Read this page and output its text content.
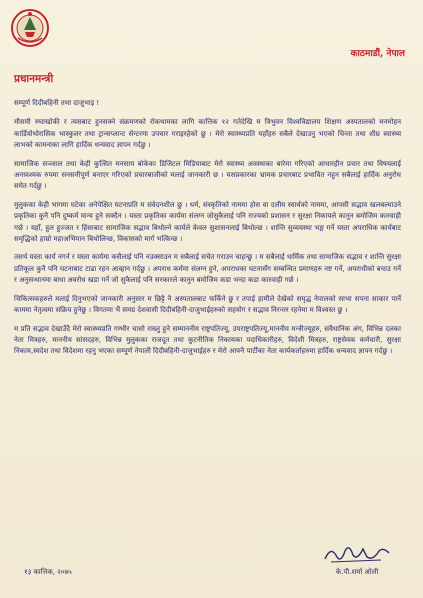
काठमाडौं, नेपाल
प्रधानमन्त्री

सम्पूर्ण दिदीबहिनी तथा दाजुभाइ !

मौसमी रुघाखोकी र त्यसबाट हुनसक्ने संक्रमणको रोकथामका लागि कात्तिक १२ गतेदेखि म त्रिभुवन विश्वविद्यालय शिक्षण अस्पतालको मनमोहन कार्डियोथोरासिक भास्कुलर तथा ट्रान्सप्लान्ट सेन्टरमा उपचार गराइरहेको छु । मेरो स्वास्थ्यप्रति यहाँहरु सबैले देखाउनु भएको चिन्ता तथा शीघ्र स्वास्थ्य लाभको कामनाका लागि हार्दिक धन्यवाद ज्ञापन गर्दछु ।

सामाजिक सञ्जाल तथा केही कुत्सित मनसाय बोकेका डिजिटल मिडियाबाट मेरो स्वास्थ्य अवस्थाका बारेमा गरिएको आधारहीन प्रचार तथा विषयलाई अनावश्यक रुपमा सनसनीपूर्ण बनाएर गरिएको प्रचारबाजीको मलाई जानकारी छ । यसप्रकारका भ्रामक प्रचारबाट प्रभावित नहुन सबैलाई हार्दिक अनुरोध समेत गर्दछु ।

मुलुकका केही भागमा घटेका अनेपेक्षित घटनाप्रति म संवेदनशील छु । धर्म, संस्कृतिको नाममा होस वा दलीय स्वार्थको नाममा, आपसी सद्भाव खलबल्याउने प्रकृतिका कुनै पनि दुष्कर्म मान्य हुने सक्दैन । यस्ता प्रकृतिका कार्यमा संलग्न जोसुकैलाई पनि राज्यको प्रशासन र सुरक्षा निकायले कानुन बमोजिम कारवाही गर्छ । यहाँ, हुल हुज्जत र हिंसाबाट सामाजिक सद्भाव बिथोल्ने कार्यले केवल सुशासनलाई बिथोल्छ । शान्ति सुव्यवस्था भङ्ग गर्ने यस्ता अपराधिक कार्यबाट समृद्धिको हाम्रो महाअभियान बिथोलिन्छ, विकासको मार्ग भत्किन्छ ।

तसर्थ यस्ता कार्य नगर्न र यस्ता कार्यमा कसैलाई पनि नउक्साउन म सबैलाई सचेत गराउन चाहन्छु । म सबैलाई धार्मिक तथा सामाजिक सद्भाव र शान्ति सुरक्षा प्रतिकूल कुनै पनि घटनाबाट टाढा रहन आव्हान गर्दछु । अपराध कर्ममा संलग्न हुने, अपराधका घटनासँग सम्बन्धित प्रमाणहरु नष्ट गर्ने, अपराधीको बचाउ गर्ने र अनुसन्धानमा बाधा अवरोध खडा गर्ने जो सुकैलाई पनि सरकारले कानुन बमोजिम कडा भन्दा कडा कारवाही गर्छ ।

चिकित्सकहरुले मलाई दिनुभएको जानकारी अनुसार म छिट्टै नै अस्पतालबाट फर्किने छु र तपाई हामीले देखेको समृद्ध नेपालको साभा सपना साकार पार्ने काममा नेतृत्वमा सक्रिय हुनेछु । विगतमा भैं समग्र देशवासी दिदीबहिनी-दाजुभाईहरुको सहयोग र सद्भाव निरन्तर रहनेमा म विश्वस्त छु ।

म प्रति सद्भाव देखाउँदै मेरो स्वास्थ्यप्रति गम्भीर चासो राख्नु हुने सम्माननीय राष्ट्रपतिज्यू, उपराष्ट्रपतिज्यू,माननीय मन्त्रीज्यूहरु, संवैधानिक अंग, विभिन्न दलका नेता मित्रहरु, माननीय सांसदहरु, विभिन्न मुलुकका राजदूत तथा कुटनीतिक निकायका पदाधिकारीहरु, विदेशी मित्रहरु, राष्ट्रसेवक कर्मचारी, सुरक्षा निकाय,स्वदेश तथा विदेशमा रहनु भएका सम्पूर्ण नेपाली दिदीबहिनी-दाजुभाईहरु र मेरो आफ्नै पार्टीका नेता कार्यकर्ताहरुमा हार्दिक धन्यवाद ज्ञापन गर्दछु ।

१३ कात्तिक, २०७५	के.पी.शर्मा ओली
